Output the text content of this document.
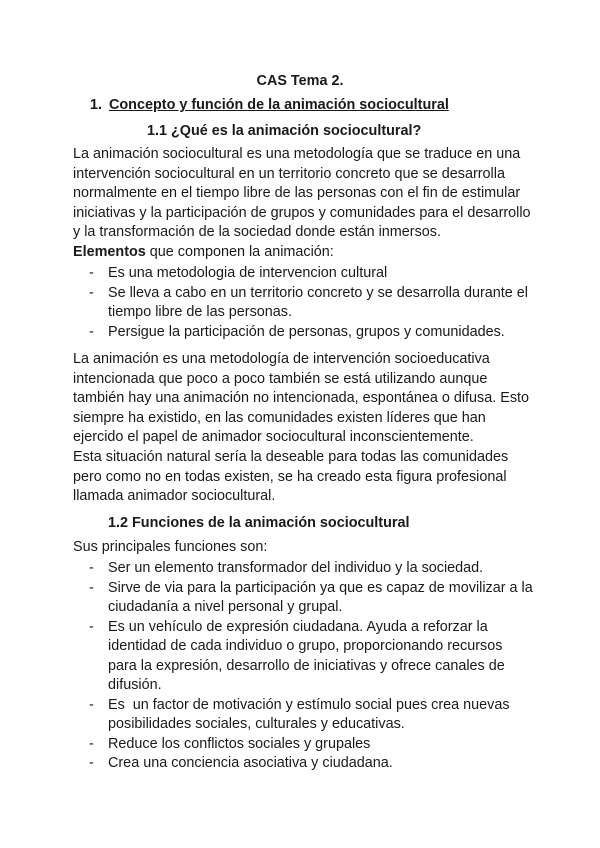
CAS Tema 2.
1. Concepto y función de la animación sociocultural
1.1 ¿Qué es la animación sociocultural?

La animación sociocultural es una metodología que se traduce en una
intervención sociocultural en un territorio concreto que se desarrolla
normalmente en el tiempo libre de las personas con el fin de estimular
iniciativas y la participación de grupos y comunidades para el desarrollo
y la transformación de la sociedad donde están inmersos.

Elementos que componen la animación:

- Es una metodologia de intervencion cultural
- Se lleva a cabo en un territorio concreto y se desarrolla durante el
tiempo libre de las personas.
- Persigue la participación de personas, grupos y comunidades.

La animación es una metodología de intervención socioeducativa
intencionada que poco a poco también se está utilizando aunque
también hay una animación no intencionada, espontánea o difusa. Esto
siempre ha existido, en las comunidades existen líderes que han
ejercido el papel de animador sociocultural inconscientemente.

Esta situación natural sería la deseable para todas las comunidades
pero como no en todas existen, se ha creado esta figura profesional
llamada animador sociocultural.

1.2 Funciones de la animación sociocultural

Sus principales funciones son:

- Ser un elemento transformador del individuo y la sociedad.
- Sirve de via para la participación ya que es capaz de movilizar a la
ciudadanía a nivel personal y grupal.
- Es un vehículo de expresión ciudadana. Ayuda a reforzar la
identidad de cada individuo o grupo, proporcionando recursos
para la expresión, desarrollo de iniciativas y ofrece canales de
difusión.
- Es  un factor de motivación y estímulo social pues crea nuevas
posibilidades sociales, culturales y educativas.
- Reduce los conflictos sociales y grupales
- Crea una conciencia asociativa y ciudadana.
